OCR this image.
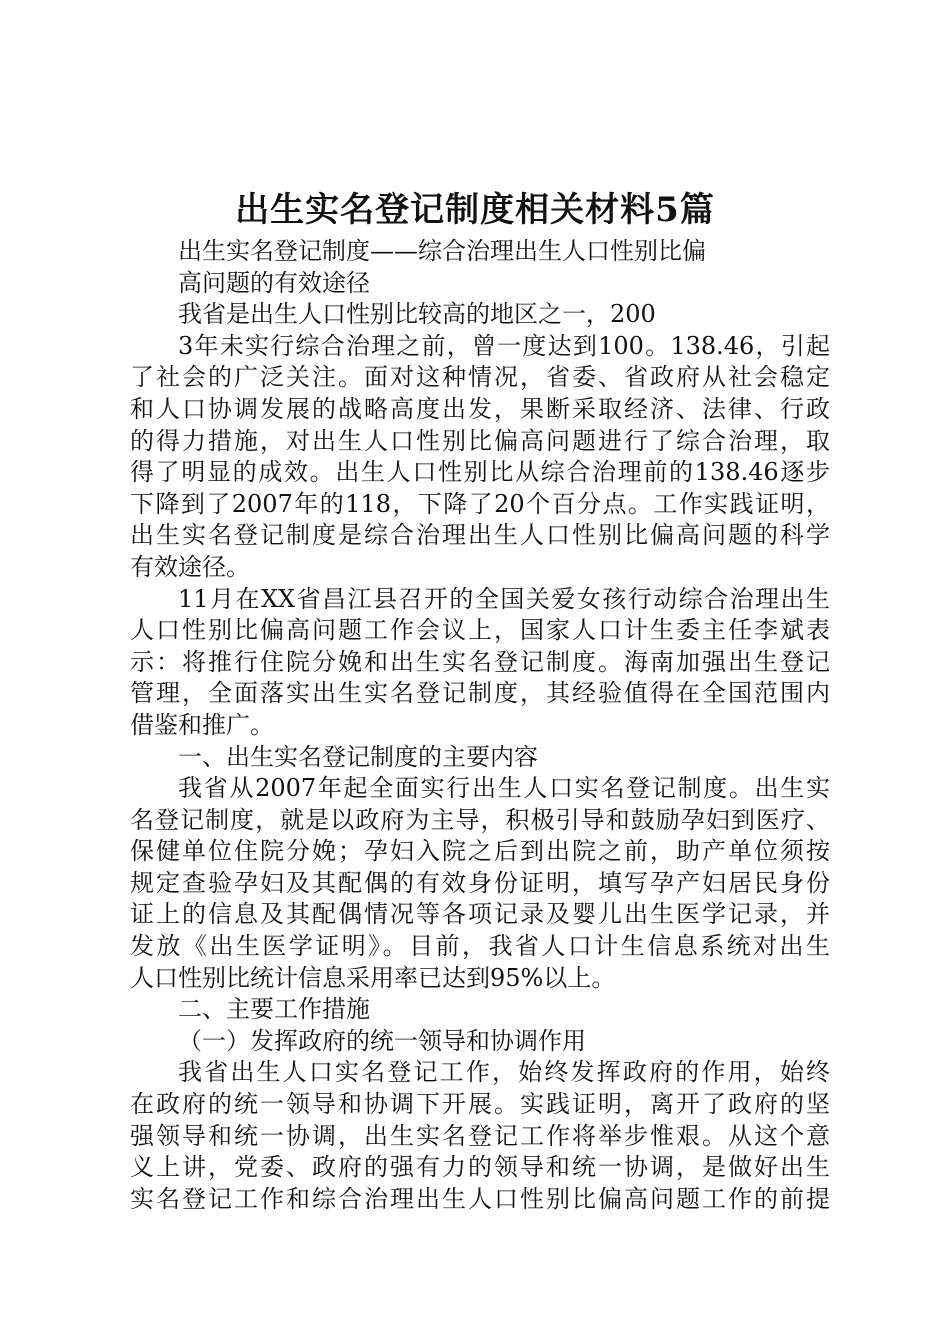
出生实名登记制度相关材料5篇
出生实名登记制度——综合治理出生人口性别比偏
高问题的有效途径
我省是出生人口性别比较高的地区之一，200
3年未实行综合治理之前，曾一度达到100。138.46，引起
了社会的广泛关注。面对这种情况，省委、省政府从社会稳定
和人口协调发展的战略高度出发，果断采取经济、法律、行政
的得力措施，对出生人口性别比偏高问题进行了综合治理，取
得了明显的成效。出生人口性别比从综合治理前的138.46逐步
下降到了2007年的118，下降了20个百分点。工作实践证明，
出生实名登记制度是综合治理出生人口性别比偏高问题的科学
有效途径。
11月在XX省昌江县召开的全国关爱女孩行动综合治理出生
人口性别比偏高问题工作会议上，国家人口计生委主任李斌表
示：将推行住院分娩和出生实名登记制度。海南加强出生登记
管理，全面落实出生实名登记制度，其经验值得在全国范围内
借鉴和推广。
一、出生实名登记制度的主要内容
我省从2007年起全面实行出生人口实名登记制度。出生实
名登记制度，就是以政府为主导，积极引导和鼓励孕妇到医疗、
保健单位住院分娩；孕妇入院之后到出院之前，助产单位须按
规定查验孕妇及其配偶的有效身份证明，填写孕产妇居民身份
证上的信息及其配偶情况等各项记录及婴儿出生医学记录，并
发放《出生医学证明》。目前，我省人口计生信息系统对出生
人口性别比统计信息采用率已达到95%以上。
二、主要工作措施
（一）发挥政府的统一领导和协调作用
我省出生人口实名登记工作，始终发挥政府的作用，始终
在政府的统一领导和协调下开展。实践证明，离开了政府的坚
强领导和统一协调，出生实名登记工作将举步惟艰。从这个意
义上讲，党委、政府的强有力的领导和统一协调，是做好出生
实名登记工作和综合治理出生人口性别比偏高问题工作的前提
